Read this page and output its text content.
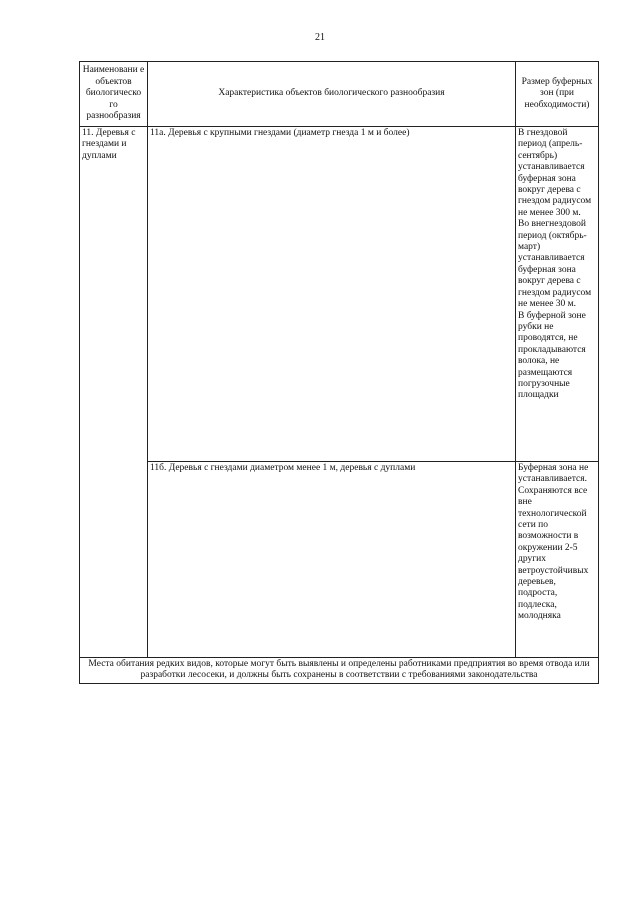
21
Наименовани е объектов биологическо го разнообразия	Характеристика объектов биологического разнообразия	Размер буферных зон (при необходимости)
11. Деревья с гнездами и дуплами	11а. Деревья с крупными гнездами (диаметр гнезда 1 м и более)	В гнездовой период (апрель-сентябрь) устанавливается буферная зона вокруг дерева с гнездом радиусом не менее 300 м.
Во внегнездовой период (октябрь-март) устанавливается буферная зона вокруг дерева с гнездом радиусом не менее 30 м.
В буферной зоне рубки не проводятся, не прокладываются волока, не размещаются погрузочные площадки

	11б. Деревья с гнездами диаметром менее 1 м, деревья с дуплами	Буферная зона не устанавливается.
Сохраняются все вне технологической сети по возможности в окружении 2-5 других ветроустойчивых деревьев, подроста, подлеска, молодняка

Места обитания редких видов, которые могут быть выявлены и определены работниками предприятия во время отвода или разработки лесосеки, и должны быть сохранены в соответствии с требованиями законодательства		
